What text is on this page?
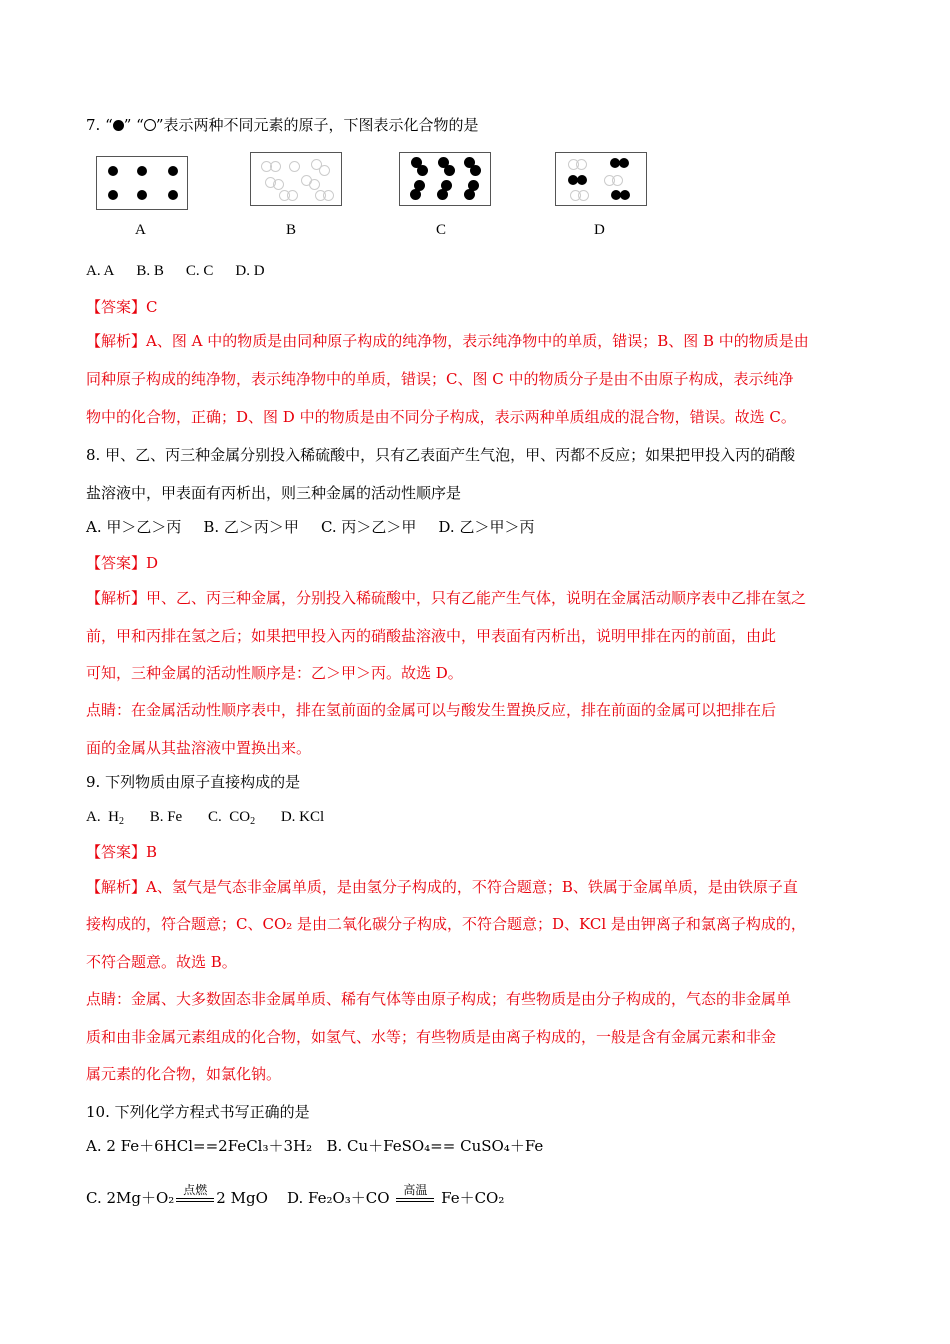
7. “ ” “ ”表示两种不同元素的原子，下图表示化合物的是
A	B	C	D
A. A B. B C. C D. D
【答案】C
【解析】A、图 A 中的物质是由同种原子构成的纯净物，表示纯净物中的单质，错误；B、图 B 中的物质是由
同种原子构成的纯净物，表示纯净物中的单质，错误；C、图 C 中的物质分子是由不由原子构成，表示纯净
物中的化合物，正确；D、图 D 中的物质是由不同分子构成，表示两种单质组成的混合物，错误。故选 C。
8. 甲、乙、丙三种金属分别投入稀硫酸中，只有乙表面产生气泡，甲、丙都不反应；如果把甲投入丙的硝酸
盐溶液中，甲表面有丙析出，则三种金属的活动性顺序是
A. 甲＞乙＞丙 B. 乙＞丙＞甲 C. 丙＞乙＞甲 D. 乙＞甲＞丙
【答案】D
【解析】甲、乙、丙三种金属，分别投入稀硫酸中，只有乙能产生气体，说明在金属活动顺序表中乙排在氢之
前，甲和丙排在氢之后；如果把甲投入丙的硝酸盐溶液中，甲表面有丙析出，说明甲排在丙的前面，由此
可知，三种金属的活动性顺序是：乙＞甲＞丙。故选 D。
点睛：在金属活动性顺序表中，排在氢前面的金属可以与酸发生置换反应，排在前面的金属可以把排在后
面的金属从其盐溶液中置换出来。
9. 下列物质由原子直接构成的是
A. $H_2$ B. Fe C. $CO_2$ D. KCl
【答案】B
【解析】A、氢气是气态非金属单质，是由氢分子构成的，不符合题意；B、铁属于金属单质，是由铁原子直
接构成的，符合题意；C、CO₂ 是由二氧化碳分子构成，不符合题意；D、KCl 是由钾离子和氯离子构成的，
不符合题意。故选 B。
点睛：金属、大多数固态非金属单质、稀有气体等由原子构成；有些物质是由分子构成的，气态的非金属单
质和由非金属元素组成的化合物，如氢气、水等；有些物质是由离子构成的，一般是含有金属元素和非金
属元素的化合物，如氯化钠。
10. 下列化学方程式书写正确的是
A. 2 Fe＋6HCl==2FeCl₃＋3H₂ B. Cu＋FeSO₄== CuSO₄＋Fe
C. 2Mg＋O₂ 点燃 2 MgO D. Fe₂O₃＋CO	高温 Fe＋CO₂
